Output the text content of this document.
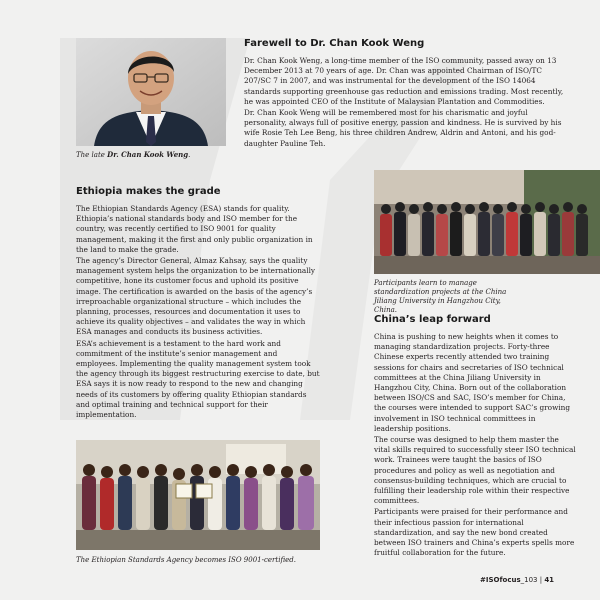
The late Dr. Chan Kook Weng.
Farewell to Dr. Chan Kook Weng

Dr. Chan Kook Weng, a long-time member of the ISO community, passed away on 13 December 2013 at 70 years of age. Dr. Chan was appointed Chairman of ISO/TC 207/SC 7 in 2007, and was instrumental for the development of the ISO 14064 standards supporting greenhouse gas reduction and emissions trading. Most recently, he was appointed CEO of the Institute of Malaysian Plantation and Commodities.

Dr. Chan Kook Weng will be remembered most for his charismatic and joyful personality, always full of positive energy, passion and kindness. He is survived by his wife Rosie Teh Lee Beng, his three children Andrew, Aldrin and Antoni, and his god-daughter Pauline Teh.

Ethiopia makes the grade

The Ethiopian Standards Agency (ESA) stands for quality. Ethiopia’s national standards body and ISO member for the country, was recently certified to ISO 9001 for quality management, making it the first and only public organization in the land to make the grade.

The agency’s Director General, Almaz Kahsay, says the quality management system helps the organization to be internationally competitive, hone its customer focus and uphold its positive image. The certification is awarded on the basis of the agency’s irreproachable organizational structure – which includes the planning, processes, resources and documentation it uses to achieve its quality objectives – and validates the way in which ESA manages and conducts its business activities.

ESA’s achievement is a testament to the hard work and commitment of the institute’s senior management and employees. Implementing the quality management system took the agency through its biggest restructuring exercise to date, but ESA says it is now ready to respond to the new and changing needs of its customers by offering quality Ethiopian standards and optimal training and technical support for their implementation.

The Ethiopian Standards Agency becomes ISO 9001-certified.
Participants learn to manage standardization projects at the China Jiliang University in Hangzhou City, China.
China’s leap forward

China is pushing to new heights when it comes to managing standardization projects. Forty-three Chinese experts recently attended two training sessions for chairs and secretaries of ISO technical committees at the China Jiliang University in Hangzhou City, China. Born out of the collaboration between ISO/CS and SAC, ISO’s member for China, the courses were intended to support SAC’s growing involvement in ISO technical committees in leadership positions.

The course was designed to help them master the vital skills required to successfully steer ISO technical work. Trainees were taught the basics of ISO procedures and policy as well as negotiation and consensus-building techniques, which are crucial to fulfilling their leadership role within their respective committees.

Participants were praised for their performance and their infectious passion for international standardization, and say the new bond created between ISO trainers and China’s experts spells more fruitful collaboration for the future.

#ISOfocus_103 | 41
